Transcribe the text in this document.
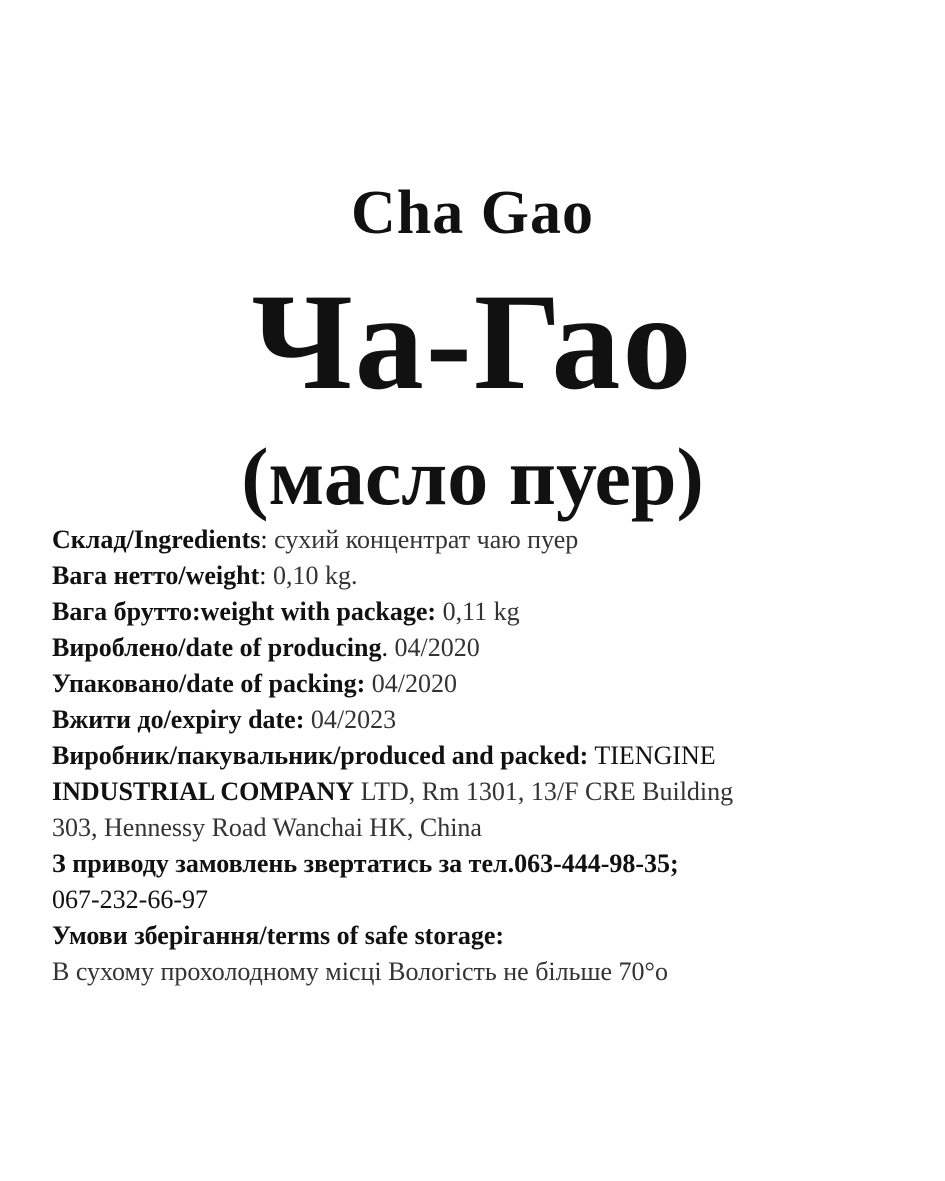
Cha Gao
Ча-Гао
(масло пуер)
Склад/Ingredients: сухий концентрат чаю пуер
Вага нетто/weight: 0,10 kg.
Вага брутто:weight with package: 0,11 kg
Вироблено/date of producing. 04/2020
Упаковано/date of packing: 04/2020
Вжити до/expiry date: 04/2023
Виробник/пакувальник/produced and packed: TIENGINE
INDUSTRIAL COMPANY LTD, Rm 1301, 13/F CRE Building
303, Hennessy Road Wanchai HK, China
З приводу замовлень звертатись за тел.063-444-98-35;
067-232-66-97
Умови зберігання/terms of safe storage:
В сухому прохолодному місці Вологість не більше 70°о
